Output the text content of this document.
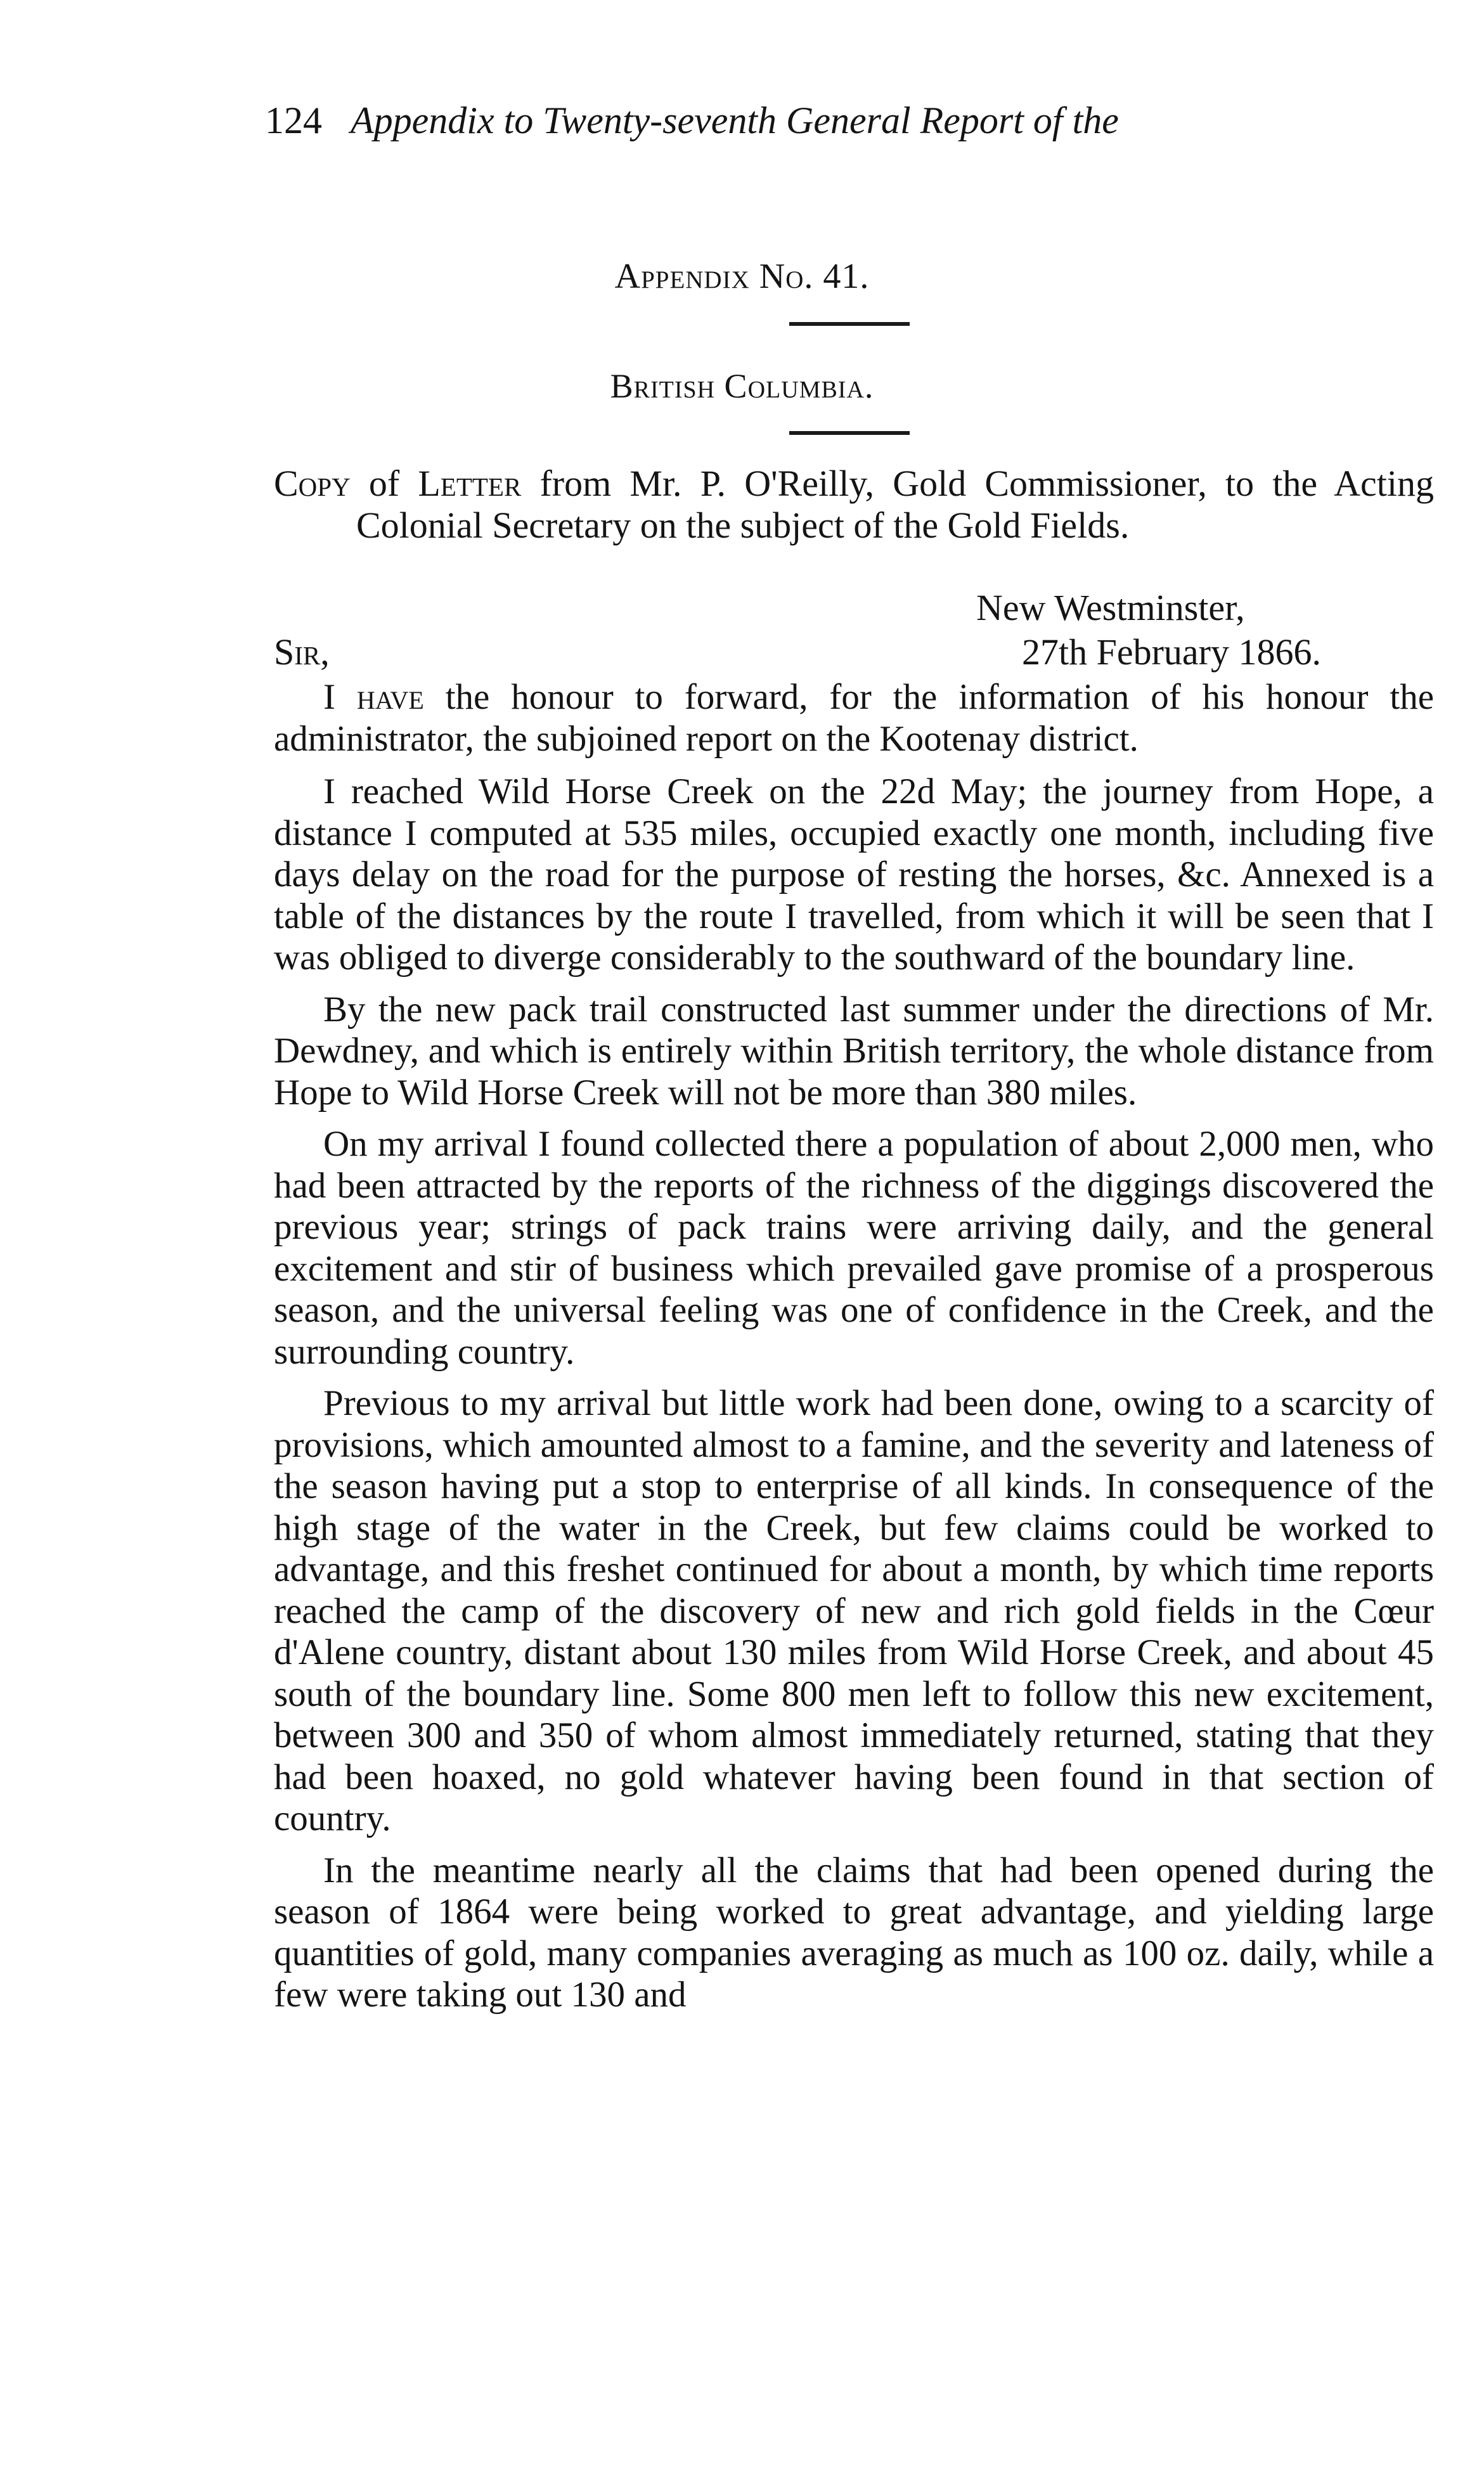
124 Appendix to Twenty-seventh General Report of the
Appendix No. 41.
British Columbia.
Copy of Letter from Mr. P. O'Reilly, Gold Commissioner, to the Acting Colonial Secretary on the subject of the Gold Fields.
New Westminster,
Sir,	27th February 1866.

I have the honour to forward, for the information of his honour the administrator, the subjoined report on the Kootenay district.

I reached Wild Horse Creek on the 22d May; the journey from Hope, a distance I computed at 535 miles, occupied exactly one month, including five days delay on the road for the purpose of resting the horses, &c. Annexed is a table of the distances by the route I travelled, from which it will be seen that I was obliged to diverge considerably to the southward of the boundary line.

By the new pack trail constructed last summer under the directions of Mr. Dewdney, and which is entirely within British territory, the whole distance from Hope to Wild Horse Creek will not be more than 380 miles.

On my arrival I found collected there a population of about 2,000 men, who had been attracted by the reports of the richness of the diggings discovered the previous year; strings of pack trains were arriving daily, and the general excitement and stir of business which prevailed gave promise of a prosperous season, and the universal feeling was one of confidence in the Creek, and the surrounding country.

Previous to my arrival but little work had been done, owing to a scarcity of provisions, which amounted almost to a famine, and the severity and lateness of the season having put a stop to enterprise of all kinds. In consequence of the high stage of the water in the Creek, but few claims could be worked to advantage, and this freshet continued for about a month, by which time reports reached the camp of the discovery of new and rich gold fields in the Cœur d'Alene country, distant about 130 miles from Wild Horse Creek, and about 45 south of the boundary line. Some 800 men left to follow this new excitement, between 300 and 350 of whom almost immediately returned, stating that they had been hoaxed, no gold whatever having been found in that section of country.

In the meantime nearly all the claims that had been opened during the season of 1864 were being worked to great advantage, and yielding large quantities of gold, many companies averaging as much as 100 oz. daily, while a few were taking out 130 and
